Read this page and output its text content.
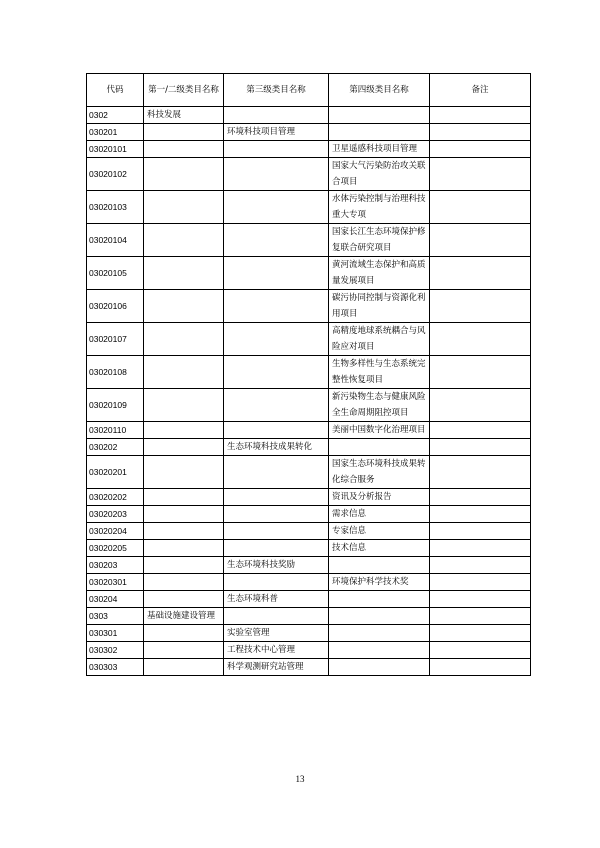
代码	第一/二级类目名称	第三级类目名称	第四级类目名称	备注
0302	科技发展			
030201		环境科技项目管理		
03020101			卫星遥感科技项目管理	
03020102			国家大气污染防治攻关联合项目	
03020103			水体污染控制与治理科技重大专项	
03020104			国家长江生态环境保护修复联合研究项目	
03020105			黄河流域生态保护和高质量发展项目	
03020106			碳污协同控制与资源化利用项目	
03020107			高精度地球系统耦合与风险应对项目	
03020108			生物多样性与生态系统完整性恢复项目	
03020109			新污染物生态与健康风险全生命周期阻控项目	
03020110			美丽中国数字化治理项目	
030202		生态环境科技成果转化		
03020201			国家生态环境科技成果转化综合服务	
03020202			资讯及分析报告	
03020203			需求信息	
03020204			专家信息	
03020205			技术信息	
030203		生态环境科技奖励		
03020301			环境保护科学技术奖	
030204		生态环境科普		
0303	基础设施建设管理			
030301		实验室管理		
030302		工程技术中心管理		
030303		科学观测研究站管理		
13
